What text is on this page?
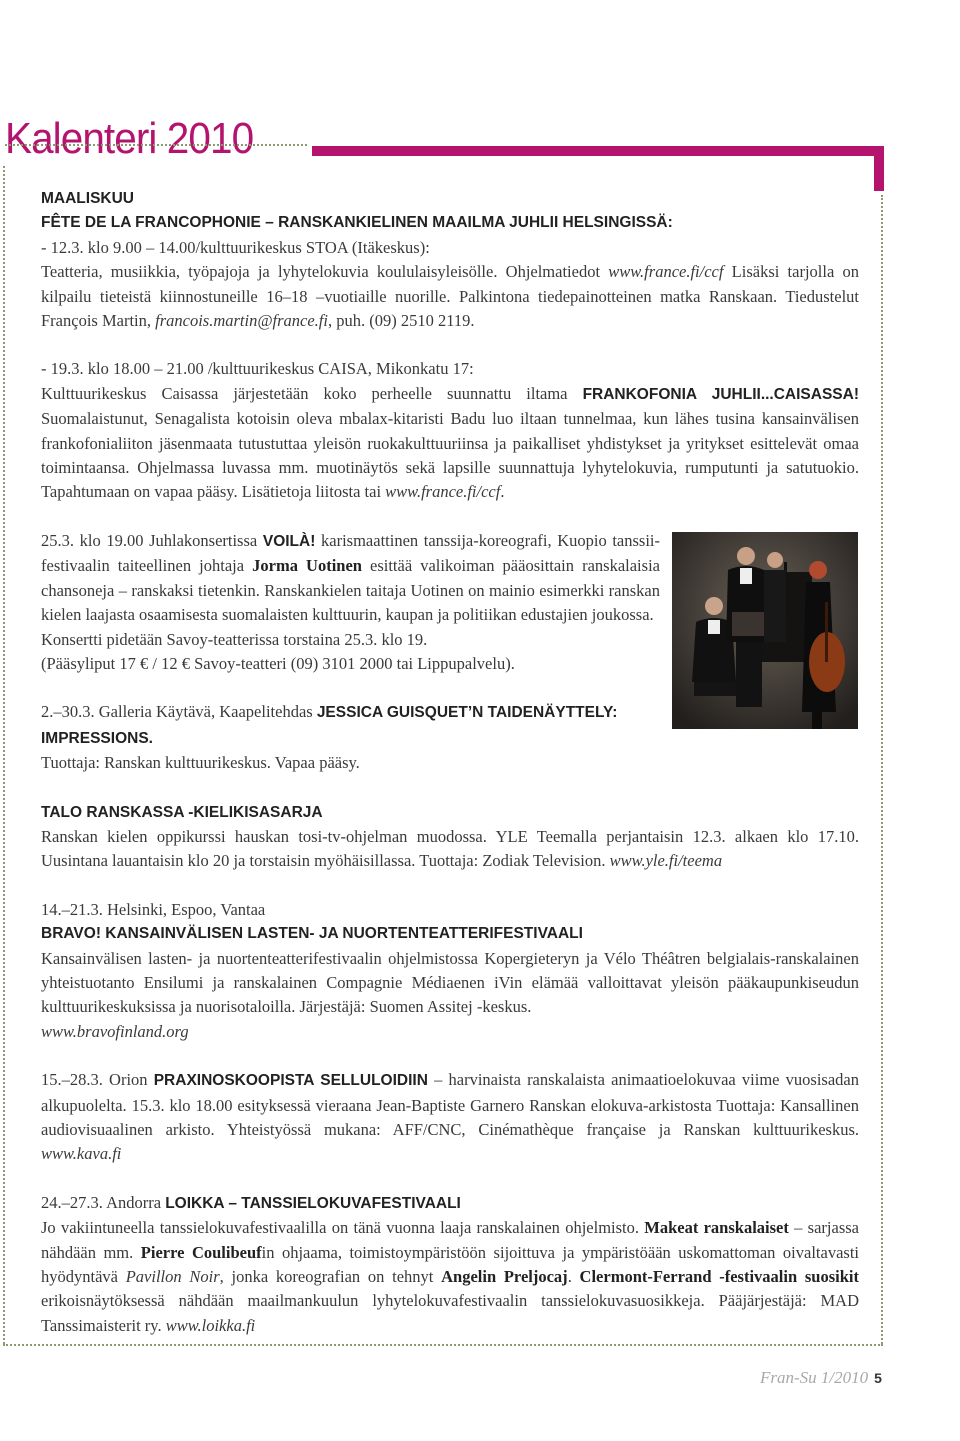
Kalenteri 2010

MAALISKUU

FÊTE DE LA FRANCOPHONIE – RANSKANKIELINEN MAAILMA JUHLII HELSINGISSÄ:

- 12.3. klo 9.00 – 14.00/kulttuurikeskus STOA (Itäkeskus):

Teatteria, musiikkia, työpajoja ja lyhytelokuvia koululaisyleisölle. Ohjelmatiedot www.france.fi/ccf Lisäksi tarjolla on kilpailu tieteistä kiinnostuneille 16–18 –vuotiaille nuorille. Palkintona tiedepainotteinen matka Ranskaan. Tiedustelut François Martin, francois.martin@france.fi, puh. (09) 2510 2119.

- 19.3. klo 18.00 – 21.00 /kulttuurikeskus CAISA, Mikonkatu 17:

Kulttuurikeskus Caisassa järjestetään koko perheelle suunnattu iltama FRANKOFONIA JUHLII...CAISASSA! Suomalaistunut, Senagalista kotoisin oleva mbalax-kitaristi Badu luo iltaan tunnelmaa, kun lähes tusina kansainvälisen frankofonialiiton jäsenmaata tutustuttaa yleisön ruokakulttuuriinsa ja paikalliset yhdistykset ja yritykset esittelevät omaa toimintaansa. Ohjelmassa luvassa mm. muotinäytös sekä lapsille suunnattuja lyhytelokuvia, rumputunti ja satutuokio. Tapahtumaan on vapaa pääsy. Lisätietoja liitosta tai www.france.fi/ccf.

25.3. klo 19.00 Juhlakonsertissa VOILÀ! karismaattinen tanssija-koreografi, Kuopio tanssii- festivaalin taiteellinen johtaja Jorma Uotinen esittää valikoiman pääosittain ranskalaisia chansoneja – ranskaksi tietenkin. Ranskankielen taitaja Uotinen on mainio esimerkki ranskan kielen laajasta osaamisesta suomalaisten kulttuurin, kaupan ja politiikan edustajien joukossa.

Konsertti pidetään Savoy-teatterissa torstaina 25.3. klo 19.

(Pääsyliput 17 € / 12 € Savoy-teatteri (09) 3101 2000 tai Lippupalvelu).

2.–30.3. Galleria Käytävä, Kaapelitehdas JESSICA GUISQUET’N TAIDENÄYTTELY: IMPRESSIONS.

Tuottaja: Ranskan kulttuurikeskus. Vapaa pääsy.

TALO RANSKASSA -KIELIKISASARJA

Ranskan kielen oppikurssi hauskan tosi-tv-ohjelman muodossa. YLE Teemalla perjantaisin 12.3. alkaen klo 17.10. Uusintana lauantaisin klo 20 ja torstaisin myöhäisillassa. Tuottaja: Zodiak Television. www.yle.fi/teema

14.–21.3. Helsinki, Espoo, Vantaa

BRAVO! KANSAINVÄLISEN LASTEN- JA NUORTENTEATTERIFESTIVAALI

Kansainvälisen lasten- ja nuortenteatterifestivaalin ohjelmistossa Kopergieteryn ja Vélo Théâtren belgialais-ranskalainen yhteistuotanto Ensilumi ja ranskalainen Compagnie Médiaenen iVin elämää valloittavat yleisön pääkaupunkiseudun kulttuurikeskuksissa ja nuorisotaloilla. Järjestäjä: Suomen Assitej -keskus.

www.bravofinland.org

15.–28.3. Orion PRAXINOSKOOPISTA SELLULOIDIIN – harvinaista ranskalaista animaatioelokuvaa viime vuosisadan alkupuolelta. 15.3. klo 18.00 esityksessä vieraana Jean-Baptiste Garnero Ranskan elokuva-arkistosta Tuottaja: Kansallinen audiovisuaalinen arkisto. Yhteistyössä mukana: AFF/CNC, Cinémathèque française ja Ranskan kulttuurikeskus. www.kava.fi

24.–27.3. Andorra LOIKKA – TANSSIELOKUVAFESTIVAALI

Jo vakiintuneella tanssielokuvafestivaalilla on tänä vuonna laaja ranskalainen ohjelmisto. Makeat ranskalaiset – sarjassa nähdään mm. Pierre Coulibeufin ohjaama, toimistoympäristöön sijoittuva ja ympäristöään uskomattoman oivaltavasti hyödyntävä Pavillon Noir, jonka koreografian on tehnyt Angelin Preljocaj. Clermont-Ferrand -festivaalin suosikit erikoisnäytöksessä nähdään maailmankuulun lyhytelokuvafestivaalin tanssielokuvasuosikkeja. Pääjärjestäjä: MAD Tanssimaisterit ry. www.loikka.fi

Fran-Su 1/2010 5
